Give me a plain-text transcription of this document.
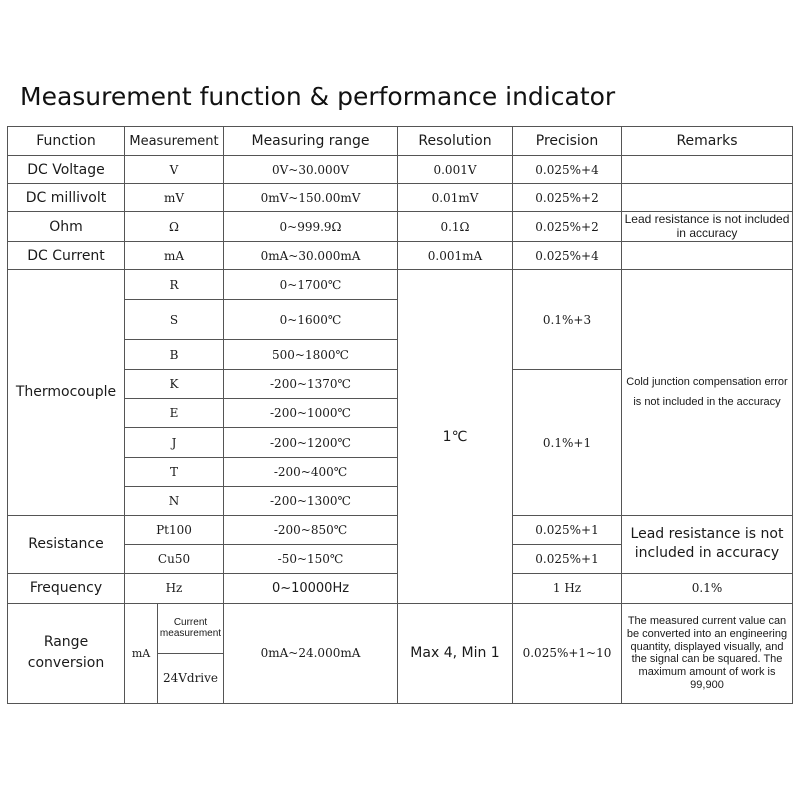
Measurement function & performance indicator
Function	Measurement		Measuring range	Resolution	Precision	Remarks	
DC Voltage	V		0V~30.000V	0.001V	0.025%+4		
DC millivolt	mV		0mV~150.00mV	0.01mV	0.025%+2		
Ohm	Ω		0~999.9Ω	0.1Ω	0.025%+2	Lead resistance is not included in accuracy	
DC Current	mA		0mA~30.000mA	0.001mA	0.025%+4		
Thermocouple	R		0~1700℃	1℃	0.1%+3	Cold junction compensation error is not included in the accuracy	
	S		0~1600℃				
	B		500~1800℃				
	K		-200~1370℃		0.1%+1		
	E		-200~1000℃				
	J		-200~1200℃				
	T		-200~400℃				
	N		-200~1300℃				
Resistance	Pt100		-200~850℃		0.025%+1	Lead resistance is not included in accuracy	
	Cu50		-50~150℃		0.025%+1		
Frequency	Hz		0~10000Hz		1 Hz	0.1%	
Range conversion	mA	Current measurement	0mA~24.000mA	Max 4, Min 1	0.025%+1~10	The measured current value can be converted into an engineering quantity, displayed visually, and the signal can be squared. The maximum amount of work is 99,900	
		24Vdrive					
